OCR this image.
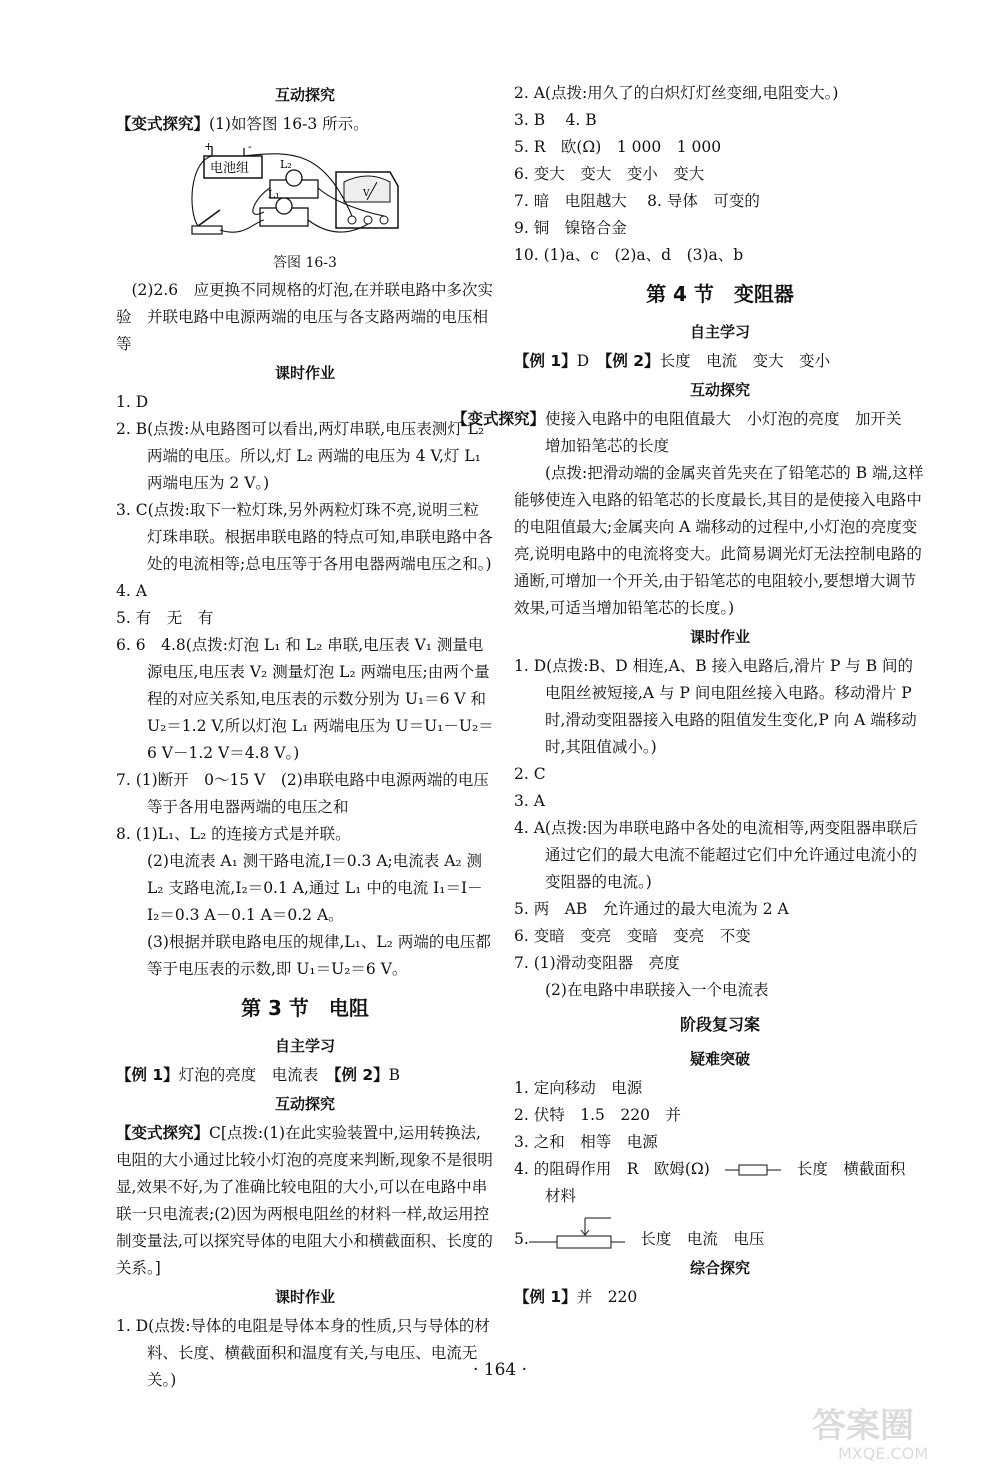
互动探究

【变式探究】(1)如答图 16-3 所示。

+	-
电池组	L₂
L₁	V
答图 16-3

(2)2.6　应更换不同规格的灯泡,在并联电路中多次实验　并联电路中电源两端的电压与各支路两端的电压相等

课时作业

1. D

2. B(点拨:从电路图可以看出,两灯串联,电压表测灯 L₂ 两端的电压。所以,灯 L₂ 两端的电压为 4 V,灯 L₁ 两端电压为 2 V。)

3. C(点拨:取下一粒灯珠,另外两粒灯珠不亮,说明三粒灯珠串联。根据串联电路的特点可知,串联电路中各处的电流相等;总电压等于各用电器两端电压之和。)

4. A

5. 有　无　有

6. 6　4.8(点拨:灯泡 L₁ 和 L₂ 串联,电压表 V₁ 测量电源电压,电压表 V₂ 测量灯泡 L₂ 两端电压;由两个量程的对应关系知,电压表的示数分别为 U₁＝6 V 和 U₂＝1.2 V,所以灯泡 L₁ 两端电压为 U＝U₁－U₂＝6 V－1.2 V＝4.8 V。)

7. (1)断开　0～15 V　(2)串联电路中电源两端的电压等于各用电器两端的电压之和

8. (1)L₁、L₂ 的连接方式是并联。

(2)电流表 A₁ 测干路电流,I＝0.3 A;电流表 A₂ 测 L₂ 支路电流,I₂＝0.1 A,通过 L₁ 中的电流 I₁＝I－I₂＝0.3 A－0.1 A＝0.2 A。

(3)根据并联电路电压的规律,L₁、L₂ 两端的电压都等于电压表的示数,即 U₁＝U₂＝6 V。

第 3 节　电阻
自主学习

【例 1】灯泡的亮度　电流表　 【例 2】B

互动探究

【变式探究】C[点拨:(1)在此实验装置中,运用转换法,电阻的大小通过比较小灯泡的亮度来判断,现象不是很明显,效果不好,为了准确比较电阻的大小,可以在电路中串联一只电流表;(2)因为两根电阻丝的材料一样,故运用控制变量法,可以探究导体的电阻大小和横截面积、长度的关系。]

课时作业

1. D(点拨:导体的电阻是导体本身的性质,只与导体的材料、长度、横截面积和温度有关,与电压、电流无关。)

2. A(点拨:用久了的白炽灯灯丝变细,电阻变大。)

3. B　 4. B

5. R　欧(Ω)　1 000　1 000

6. 变大　变大　变小　变大

7. 暗　电阻越大　 8. 导体　可变的

9. 铜　镍铬合金

10. (1)a、c　(2)a、d　(3)a、b

第 4 节　变阻器
自主学习

【例 1】D　【例 2】长度　电流　变大　变小

互动探究

【变式探究】使接入电路中的电阻值最大　小灯泡的亮度　加开关　增加铅笔芯的长度

(点拨:把滑动端的金属夹首先夹在了铅笔芯的 B 端,这样能够使连入电路的铅笔芯的长度最长,其目的是使接入电路中的电阻值最大;金属夹向 A 端移动的过程中,小灯泡的亮度变亮,说明电路中的电流将变大。此简易调光灯无法控制电路的通断,可增加一个开关,由于铅笔芯的电阻较小,要想增大调节效果,可适当增加铅笔芯的长度。)

课时作业

1. D(点拨:B、D 相连,A、B 接入电路后,滑片 P 与 B 间的电阻丝被短接,A 与 P 间电阻丝接入电路。移动滑片 P 时,滑动变阻器接入电路的阻值发生变化,P 向 A 端移动时,其阻值减小。)

2. C

3. A

4. A(点拨:因为串联电路中各处的电流相等,两变阻器串联后通过它们的最大电流不能超过它们中允许通过电流小的变阻器的电流。)

5. 两　AB　允许通过的最大电流为 2 A

6. 变暗　变亮　变暗　变亮　不变

7. (1)滑动变阻器　亮度

(2)在电路中串联接入一个电流表

阶段复习案
疑难突破

1. 定向移动　电源

2. 伏特　1.5　220　并

3. 之和　相等　电源

4. 的阻碍作用　R　欧姆(Ω)　　	长度　横截面积　材料

5.　	长度　电流　电压

综合探究

【例 1】并　220

· 164 ·
答案圈
MXQE.COM
